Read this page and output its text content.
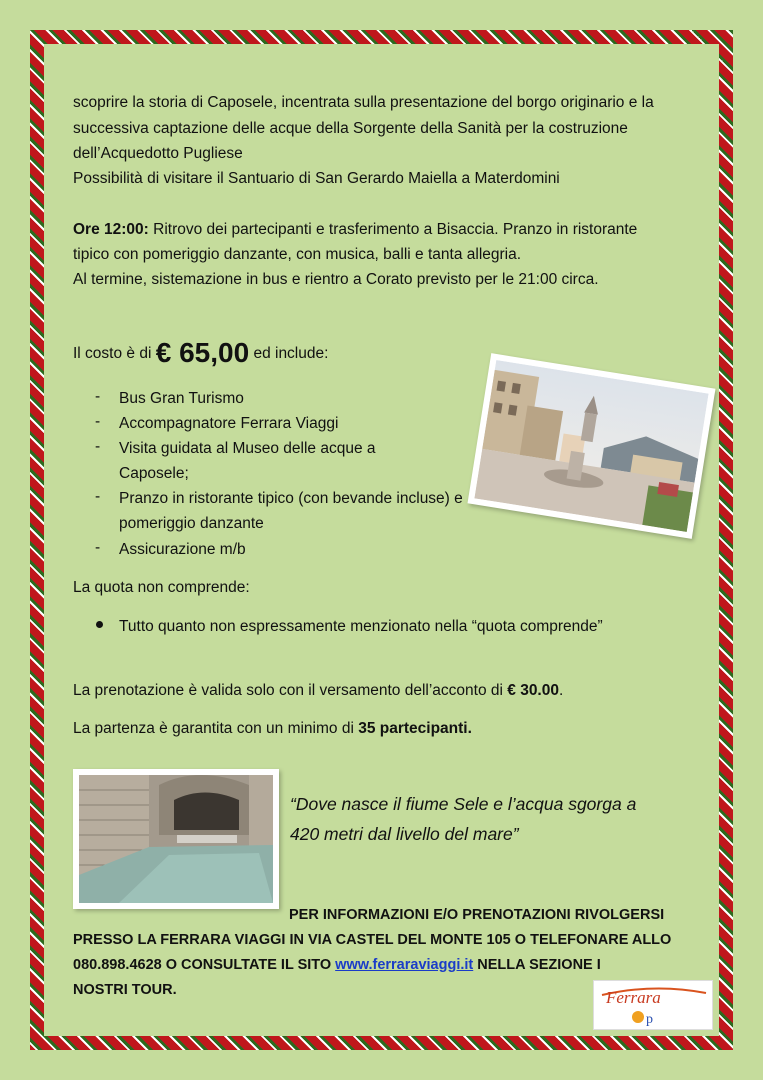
scoprire la storia di Caposele, incentrata sulla presentazione del borgo originario e la
successiva captazione delle acque della Sorgente della Sanità per la costruzione
dell’Acquedotto Pugliese
Possibilità di visitare il Santuario di San Gerardo Maiella a Materdomini
Ore 12:00: Ritrovo dei partecipanti e trasferimento a Bisaccia. Pranzo in ristorante
tipico con pomeriggio danzante, con musica, balli e tanta allegria.
Al termine, sistemazione in bus e rientro a Corato previsto per le 21:00 circa.
Il costo è di € 65,00 ed include:
- Bus Gran Turismo
- Accompagnatore Ferrara Viaggi
- Visita guidata al Museo delle acque a
Caposele;
- Pranzo in ristorante tipico (con bevande incluse) e
pomeriggio danzante
- Assicurazione m/b
La quota non comprende:
Tutto quanto non espressamente menzionato nella “quota comprende”
La prenotazione è valida solo con il versamento dell’acconto di € 30.00.
La partenza è garantita con un minimo di 35 partecipanti.
“Dove nasce il fiume Sele e l’acqua sgorga a
420 metri dal livello del mare”
PER INFORMAZIONI E/O PRENOTAZIONI RIVOLGERSI
PRESSO LA FERRARA VIAGGI IN VIA CASTEL DEL MONTE 105 O TELEFONARE ALLO
080.898.4628 O CONSULTATE IL SITO www.ferraraviaggi.it NELLA SEZIONE I
NOSTRI TOUR.	Ferrara
p
